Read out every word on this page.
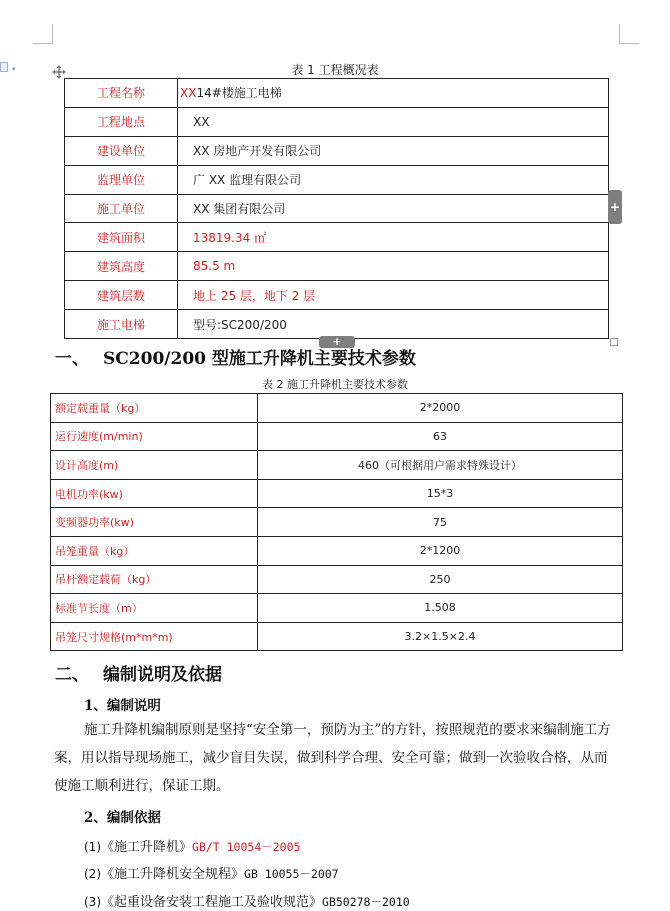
▾	表 1 工程概况表
工程名称	XX14#楼施工电梯
工程地点	XX
建设单位	XX 房地产开发有限公司
监理单位	广 XX 监理有限公司
施工单位	XX 集团有限公司
建筑面积	13819.34 ㎡
建筑高度	85.5 m
建筑层数	地上 25 层，地下 2 层
施工电梯	型号:SC200/200
+
+
一、 SC200/200 型施工升降机主要技术参数
表 2 施工升降机主要技术参数
额定载重量（kg）	2*2000
运行速度(m/min)	63
设计高度(m)	460（可根据用户需求特殊设计）
电机功率(kw)	15*3
变频器功率(kw)	75
吊笼重量（kg）	2*1200
吊杆额定载荷（kg）	250
标准节长度（m）	1.508
吊笼尺寸规格(m*m*m)	3.2×1.5×2.4
二、 编制说明及依据
1、编制说明
施工升降机编制原则是坚持“安全第一，预防为主”的方针，按照规范的要求来编制施工方案，用以指导现场施工，减少盲目失误，做到科学合理、安全可靠；做到一次验收合格，从而使施工顺利进行，保证工期。
2、编制依据
(1)《施工升降机》GB/T 10054－2005
(2)《施工升降机安全规程》GB 10055－2007
(3)《起重设备安装工程施工及验收规范》GB50278－2010
